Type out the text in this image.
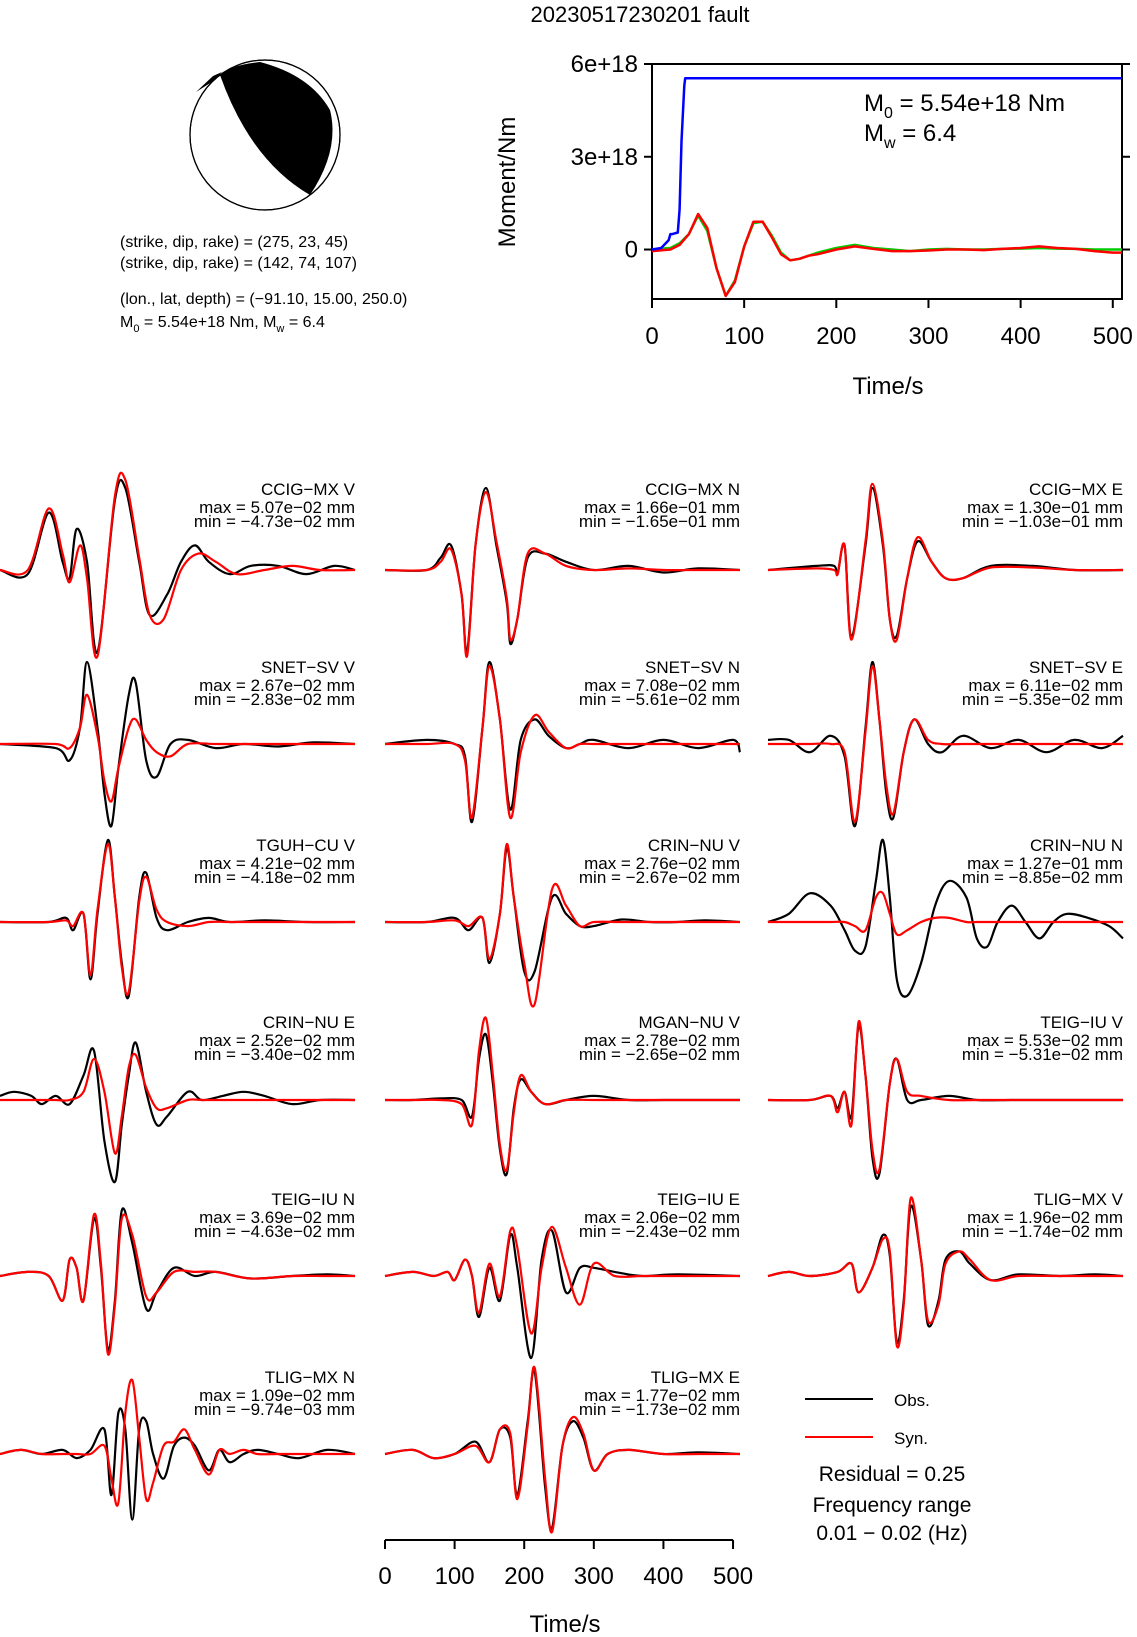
20230517230201 fault
(strike, dip, rake) = (275, 23, 45)
(strike, dip, rake) = (142, 74, 107)
(lon., lat, depth) = (−91.10, 15.00, 250.0)
$M_0 = 5.54e+18$ Nm, $M_w = 6.4$
0
3e+18
6e+18
0	100 200 300 400 500
Moment/Nm
Time/s
$M_0 = 5.54e+18$ Nm
$M_w = 6.4$
CCIG−MX V
max = 5.07e−02 mm
min = −4.73e−02 mm
CCIG−MX N
max = 1.66e−01 mm
min = −1.65e−01 mm
CCIG−MX E
max = 1.30e−01 mm
min = −1.03e−01 mm
SNET−SV V
max = 2.67e−02 mm
min = −2.83e−02 mm
SNET−SV N
max = 7.08e−02 mm
min = −5.61e−02 mm
SNET−SV E
max = 6.11e−02 mm
min = −5.35e−02 mm
TGUH−CU V
max = 4.21e−02 mm
min = −4.18e−02 mm
CRIN−NU V
max = 2.76e−02 mm
min = −2.67e−02 mm
CRIN−NU N
max = 1.27e−01 mm
min = −8.85e−02 mm
CRIN−NU E
max = 2.52e−02 mm
min = −3.40e−02 mm
MGAN−NU V
max = 2.78e−02 mm
min = −2.65e−02 mm
TEIG−IU V
max = 5.53e−02 mm
min = −5.31e−02 mm
TEIG−IU N
max = 3.69e−02 mm
min = −4.63e−02 mm
TEIG−IU E
max = 2.06e−02 mm
min = −2.43e−02 mm
TLIG−MX V
max = 1.96e−02 mm
min = −1.74e−02 mm
TLIG−MX N
max = 1.09e−02 mm
min = −9.74e−03 mm
TLIG−MX E
max = 1.77e−02 mm
min = −1.73e−02 mm
0 100 200 300 400 500
Time/s
Obs.
Syn.
Residual = 0.25
Frequency range
0.01 − 0.02 (Hz)
